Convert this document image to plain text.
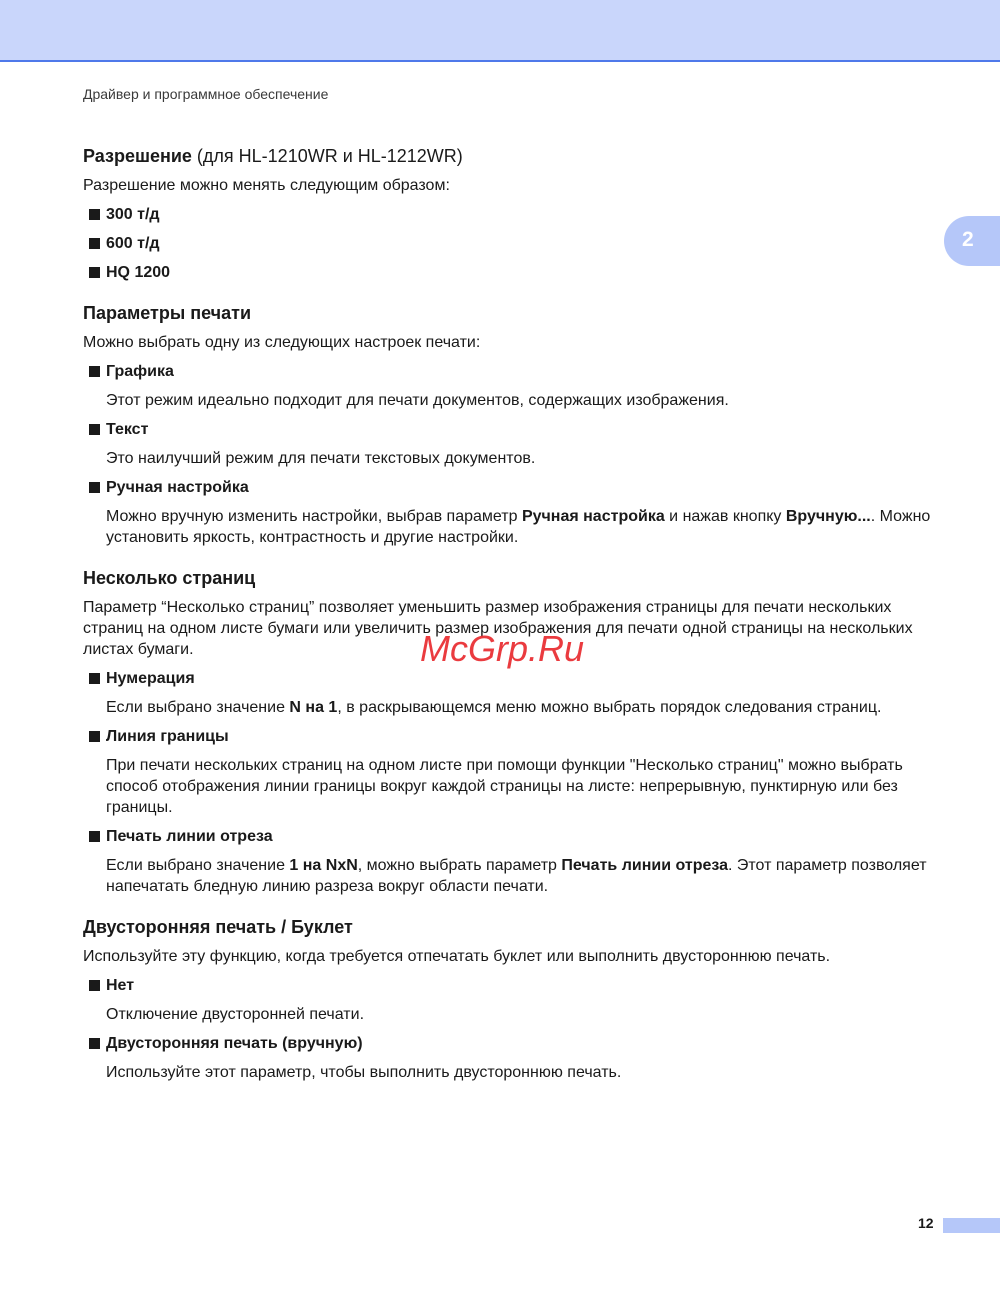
Драйвер и программное обеспечение
2
Разрешение (для HL-1210WR и HL-1212WR)

Разрешение можно менять следующим образом:

300 т/д
600 т/д
HQ 1200
Параметры печати

Можно выбрать одну из следующих настроек печати:

Графика
Этот режим идеально подходит для печати документов, содержащих изображения.
Текст
Это наилучший режим для печати текстовых документов.
Ручная настройка
Можно вручную изменить настройки, выбрав параметр Ручная настройка и нажав кнопку Вручную.... Можно установить яркость, контрастность и другие настройки.
Несколько страниц

Параметр “Несколько страниц” позволяет уменьшить размер изображения страницы для печати нескольких страниц на одном листе бумаги или увеличить размер изображения для печати одной страницы на нескольких листах бумаги.

Нумерация
Если выбрано значение N на 1, в раскрывающемся меню можно выбрать порядок следования страниц.
Линия границы
При печати нескольких страниц на одном листе при помощи функции "Несколько страниц" можно выбрать способ отображения линии границы вокруг каждой страницы на листе: непрерывную, пунктирную или без границы.
Печать линии отреза
Если выбрано значение 1 на NxN, можно выбрать параметр Печать линии отреза. Этот параметр позволяет напечатать бледную линию разреза вокруг области печати.
Двусторонняя печать / Буклет

Используйте эту функцию, когда требуется отпечатать буклет или выполнить двустороннюю печать.

Нет
Отключение двусторонней печати.
Двусторонняя печать (вручную)
Используйте этот параметр, чтобы выполнить двустороннюю печать.
McGrp.Ru
12
